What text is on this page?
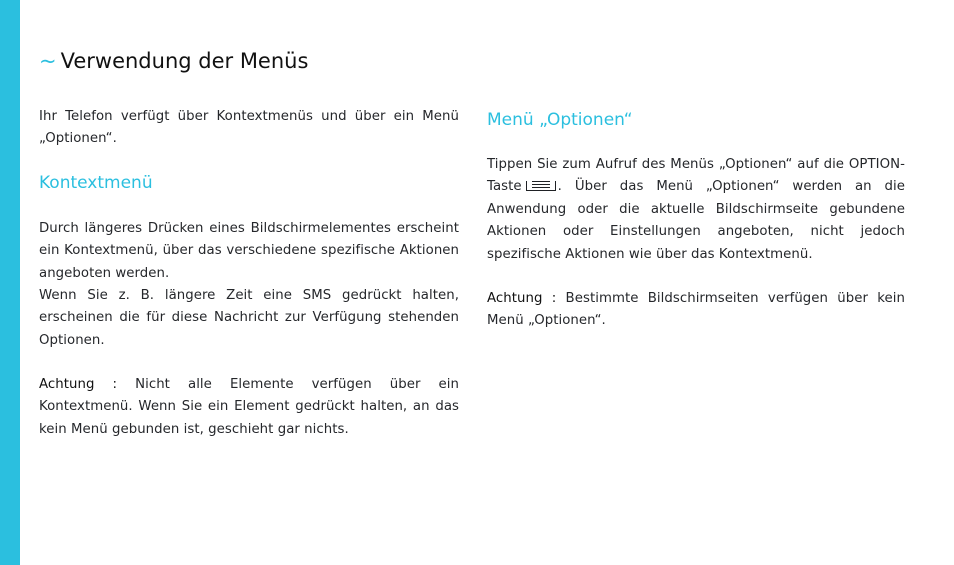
~ Verwendung der Menüs

Ihr Telefon verfügt über Kontextmenüs und über ein Menü „Optionen“.

Kontextmenü

Durch längeres Drücken eines Bildschirmelementes erscheint ein Kontextmenü, über das verschiedene spezifische Aktionen angeboten werden.

Wenn Sie z. B. längere Zeit eine SMS gedrückt halten, erscheinen die für diese Nachricht zur Verfügung stehenden Optionen.

Achtung : Nicht alle Elemente verfügen über ein Kontextmenü. Wenn Sie ein Element gedrückt halten, an das kein Menü gebunden ist, geschieht gar nichts.

Menü „Optionen“

Tippen Sie zum Aufruf des Menüs „Optionen“ auf die OPTION-Taste	. Über das Menü „Optionen“ werden an die Anwendung oder die aktuelle Bildschirmseite gebundene Aktionen oder Einstellungen angeboten, nicht jedoch spezifische Aktionen wie über das Kontextmenü.

Achtung : Bestimmte Bildschirmseiten verfügen über kein Menü „Optionen“.
